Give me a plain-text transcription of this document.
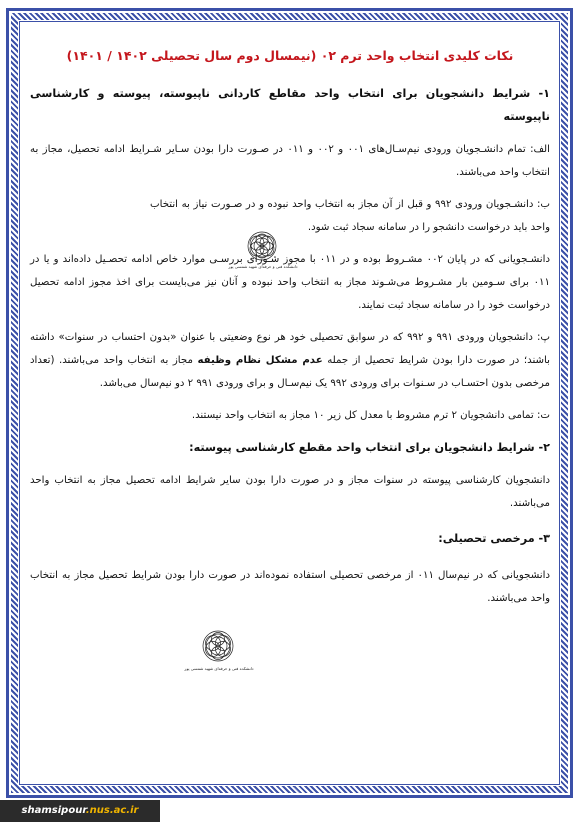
نکات کلیدی انتخاب واحد ترم ۰۲ (نیمسال دوم سال تحصیلی ۱۴۰۲ / ۱۴۰۱)
۱- شرایط دانشجویان برای انتخاب واحد مقاطع کاردانی ناپیوسته، پیوسته و کارشناسی ناپیوسته
الف: تمام دانشـجویان ورودی نیم‌سـال‌های ۰۰۱ و ۰۰۲ و ۰۱۱ در صـورت دارا بودن سـایر شـرایط ادامه تحصیل، مجاز به انتخاب واحد می‌باشند.
ب: دانشـجویان ورودی ۹۹۲ و قبل از آن مجاز به انتخاب واحد نبوده و در صـورت نیاز به انتخاب واحد باید درخواست دانشجو را در سامانه سجاد ثبت شود.
دانشـجویانی که در پایان ۰۰۲ مشـروط بوده و در ۰۱۱ با مجوز شـورای بررسـی موارد خاص ادامه تحصـیل داده‌اند و یا در ۰۱۱ برای سـومین بار مشـروط می‌شـوند مجاز به انتخاب واحد نبوده و آنان نیز می‌بایست برای اخذ مجوز ادامه تحصیل درخواست خود را در سامانه سجاد ثبت نمایند.
پ: دانشجویان ورودی ۹۹۱ و ۹۹۲ که در سوابق تحصیلی خود هر نوع وضعیتی با عنوان «بدون احتساب در سنوات» داشته باشند؛ در صورت دارا بودن شرایط تحصیل از جمله عدم مشکل نظام وظیفه مجاز به انتخاب واحد می‌باشند. (تعداد مرخصی بدون احتسـاب در سـنوات برای ورودی ۹۹۲ یک نیم‌سـال و برای ورودی ۹۹۱ ۲ دو نیم‌سال می‌باشد.
ت: تمامی دانشجویان ۲ ترم مشروط با معدل کل زیر ۱۰ مجاز به انتخاب واحد نیستند.
۲- شرایط دانشجویان برای انتخاب واحد مقطع کارشناسی پیوسته:
دانشجویان کارشناسی پیوسته در سنوات مجاز و در صورت دارا بودن سایر شرایط ادامه تحصیل مجاز به انتخاب واحد می‌باشند.
۳- مرخصی تحصیلی:
دانشجویانی که در نیم‌سال ۰۱۱ از مرخصی تحصیلی استفاده نموده‌اند در صورت دارا بودن شرایط تحصیل مجاز به انتخاب واحد می‌باشند.
دانشکده فنی و حرفه‌ای شهید شمسی پور
دانشکده فنی و حرفه‌ای شهید شمسی پور
shamsipour.nus.ac.ir
